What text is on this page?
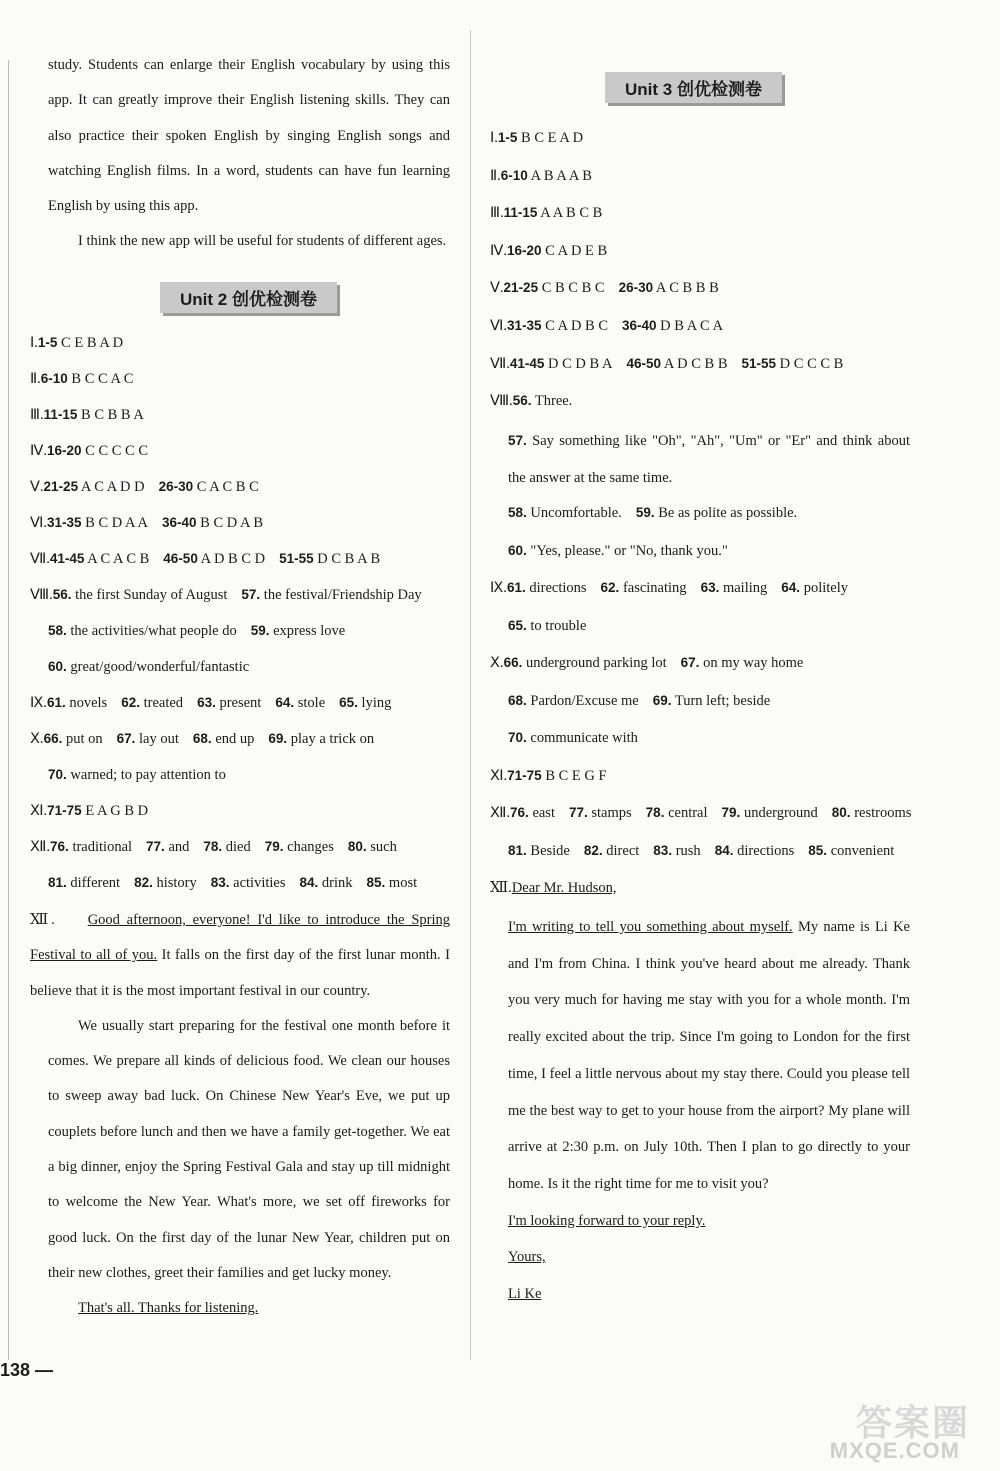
study. Students can enlarge their English vocabulary by using this app. It can greatly improve their English listening skills. They can also practice their spoken English by singing English songs and watching English films. In a word, students can have fun learning English by using this app.

I think the new app will be useful for students of different ages.

Unit 2 创优检测卷
Ⅰ.1-5 C E B A D
Ⅱ.6-10 B C C A C
Ⅲ.11-15 B C B B A
Ⅳ.16-20 C C C C C
Ⅴ.21-25 A C A D D 26-30 C A C B C
Ⅵ.31-35 B C D A A 36-40 B C D A B
Ⅶ.41-45 A C A C B 46-50 A D B C D 51-55 D C B A B
Ⅷ.56. the first Sunday of August 57. the festival/Friendship Day
58. the activities/what people do 59. express love
60. great/good/wonderful/fantastic
Ⅸ.61. novels 62. treated 63. present 64. stole 65. lying
Ⅹ.66. put on 67. lay out 68. end up 69. play a trick on
70. warned; to pay attention to
Ⅺ.71-75 E A G B D
Ⅻ.76. traditional 77. and 78. died 79. changes 80. such
81. different 82. history 83. activities 84. drink 85. most

Ⅻ. Good afternoon, everyone! I'd like to introduce the Spring Festival to all of you. It falls on the first day of the first lunar month. I believe that it is the most important festival in our country.

We usually start preparing for the festival one month before it comes. We prepare all kinds of delicious food. We clean our houses to sweep away bad luck. On Chinese New Year's Eve, we put up couplets before lunch and then we have a family get-together. We eat a big dinner, enjoy the Spring Festival Gala and stay up till midnight to welcome the New Year. What's more, we set off fireworks for good luck. On the first day of the lunar New Year, children put on their new clothes, greet their families and get lucky money.

That's all. Thanks for listening.

Unit 3 创优检测卷
Ⅰ.1-5 B C E A D
Ⅱ.6-10 A B A A B
Ⅲ.11-15 A A B C B
Ⅳ.16-20 C A D E B
Ⅴ.21-25 C B C B C 26-30 A C B B B
Ⅵ.31-35 C A D B C 36-40 D B A C A
Ⅶ.41-45 D C D B A 46-50 A D C B B 51-55 D C C C B
Ⅷ.56. Three.

57. Say something like "Oh", "Ah", "Um" or "Er" and think about the answer at the same time.

58. Uncomfortable. 59. Be as polite as possible.
60. "Yes, please." or "No, thank you."
Ⅸ.61. directions 62. fascinating 63. mailing 64. politely
65. to trouble
Ⅹ.66. underground parking lot 67. on my way home
68. Pardon/Excuse me 69. Turn left; beside
70. communicate with
Ⅺ.71-75 B C E G F
Ⅻ.76. east 77. stamps 78. central 79. underground 80. restrooms
81. Beside 82. direct 83. rush 84. directions 85. convenient
Ⅻ.Dear Mr. Hudson,

I'm writing to tell you something about myself. My name is Li Ke and I'm from China. I think you've heard about me already. Thank you very much for having me stay with you for a whole month. I'm really excited about the trip. Since I'm going to London for the first time, I feel a little nervous about my stay there. Could you please tell me the best way to get to your house from the airport? My plane will arrive at 2:30 p.m. on July 10th. Then I plan to go directly to your home. Is it the right time for me to visit you?

I'm looking forward to your reply.

Yours,

Li Ke

138 —
答案圈
MXQE.COM
